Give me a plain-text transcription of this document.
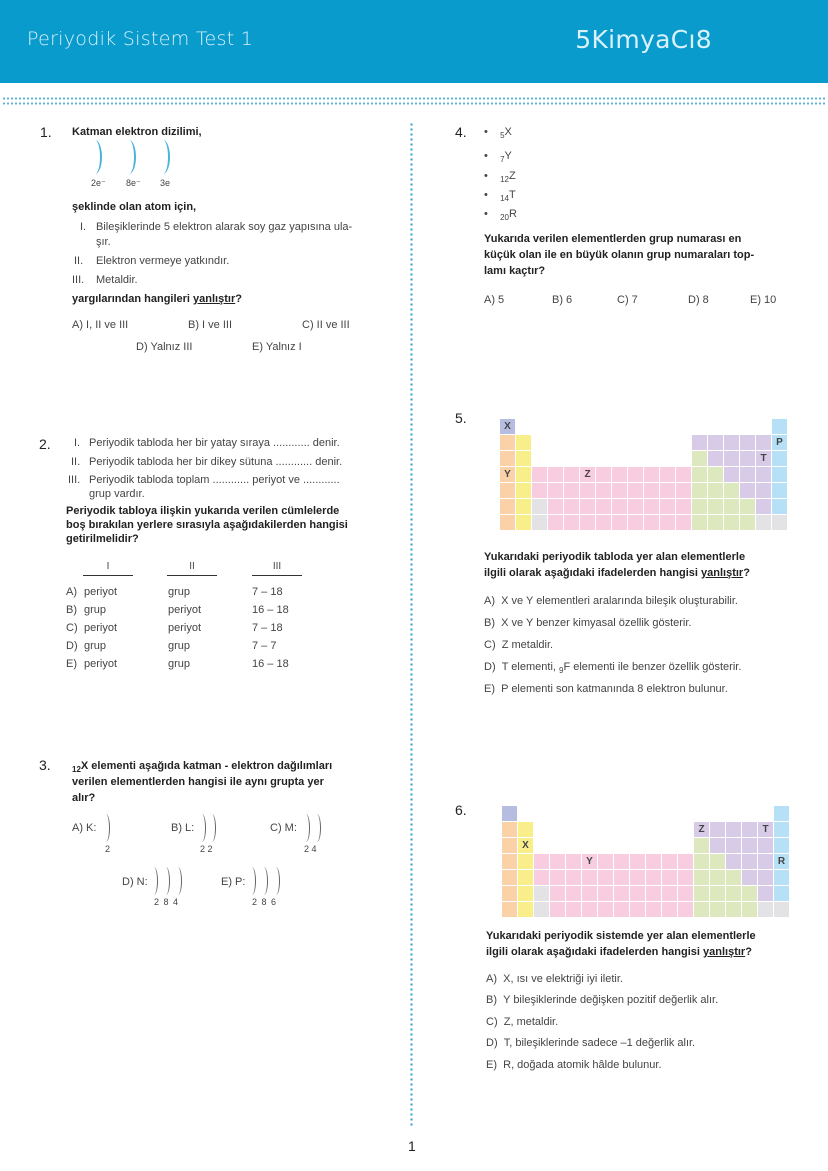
Periyodik Sistem Test 1	5KimyaCı8
1. Katman elektron dizilimi,
2e⁻ 8e⁻ 3e
şeklinde olan atom için,
I. Bileşiklerinde 5 elektron alarak soy gaz yapısına ula-
şır.
II. Elektron vermeye yatkındır.
III. Metaldir.
yargılarından hangileri yanlıştır?
A) I, II ve III	B) I ve III	C) II ve III
D) Yalnız III	E) Yalnız I
2. I. Periyodik tabloda her bir yatay sıraya ............ denir.
II. Periyodik tabloda her bir dikey sütuna ............ denir.
III. Periyodik tabloda toplam ............ periyot ve ............
grup vardır.
Periyodik tabloya ilişkin yukarıda verilen cümlelerde
boş bırakılan yerlere sırasıyla aşağıdakilerden hangisi
getirilmelidir?
I	II	III
A) periyot	grup	7 – 18
B) grup	periyot	16 – 18
C) periyot	periyot	7 – 18
D) grup	grup	7 – 7
E) periyot	grup	16 – 18
3.	$_{12}$X elementi aşağıda katman - elektron dağılımları
verilen elementlerden hangisi ile aynı grupta yer
alır?
A) K:
2
B) L:
2 2
C) M:
2 4
D) N:
2 8 4
E) P:
2 8 6
4. •    $_5$X
•    $_7$Y
•    $_{12}$Z
•    $_{14}$T
•    $_{20}$R
Yukarıda verilen elementlerden grup numarası en
küçük olan ile en büyük olanın grup numaraları top-
lamı kaçtır?
A) 5	B) 6	C) 7	D) 8	E) 10
5.
X
P
T
Y	Z
Yukarıdaki periyodik tabloda yer alan elementlerle
ilgili olarak aşağıdaki ifadelerden hangisi yanlıştır?
A) X ve Y elementleri aralarında bileşik oluşturabilir.
B) X ve Y benzer kimyasal özellik gösterir.
C) Z metaldir.
D) T elementi, $_9$F elementi ile benzer özellik gösterir.
E) P elementi son katmanında 8 elektron bulunur.
6.
Z	T
X
Y	R
Yukarıdaki periyodik sistemde yer alan elementlerle
ilgili olarak aşağıdaki ifadelerden hangisi yanlıştır?
A) X, ısı ve elektriği iyi iletir.
B) Y bileşiklerinde değişken pozitif değerlik alır.
C) Z, metaldir.
D) T, bileşiklerinde sadece –1 değerlik alır.
E) R, doğada atomik hâlde bulunur.
1
